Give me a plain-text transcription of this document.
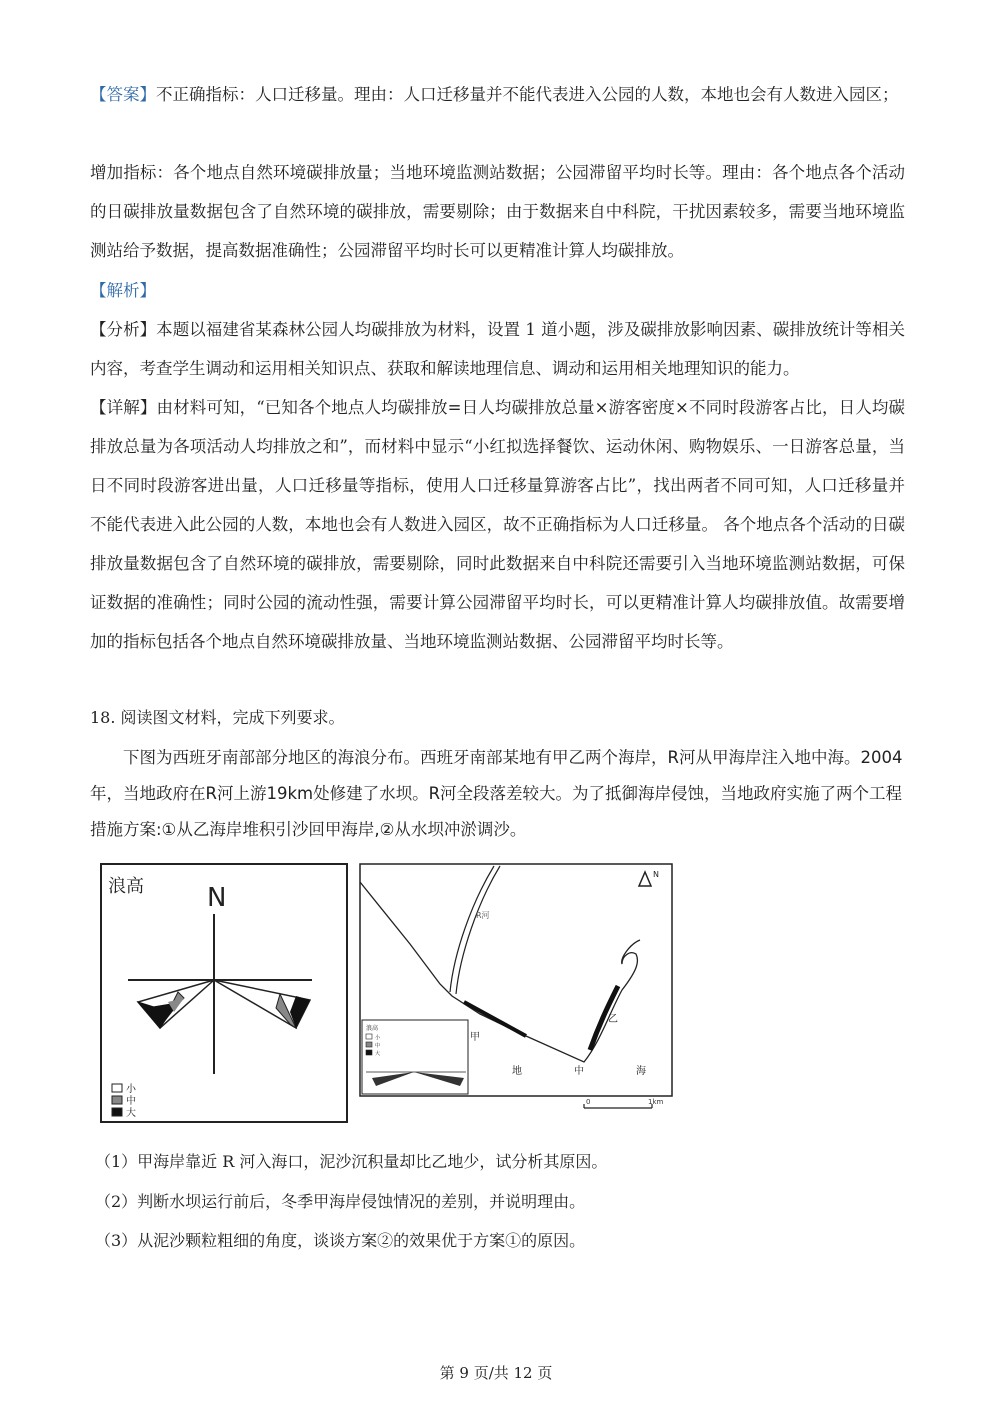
【答案】不正确指标：人口迁移量。理由：人口迁移量并不能代表进入公园的人数，本地也会有人数进入园区；

增加指标：各个地点自然环境碳排放量；当地环境监测站数据；公园滞留平均时长等。理由：各个地点各个活动的日碳排放量数据包含了自然环境的碳排放，需要剔除；由于数据来自中科院，干扰因素较多，需要当地环境监测站给予数据，提高数据准确性；公园滞留平均时长可以更精准计算人均碳排放。

【解析】

【分析】本题以福建省某森林公园人均碳排放为材料，设置 1 道小题，涉及碳排放影响因素、碳排放统计等相关内容，考查学生调动和运用相关知识点、获取和解读地理信息、调动和运用相关地理知识的能力。

【详解】由材料可知，“已知各个地点人均碳排放=日人均碳排放总量×游客密度×不同时段游客占比，日人均碳排放总量为各项活动人均排放之和”，而材料中显示“小红拟选择餐饮、运动休闲、购物娱乐、一日游客总量，当日不同时段游客进出量，人口迁移量等指标，使用人口迁移量算游客占比”，找出两者不同可知，人口迁移量并不能代表进入此公园的人数，本地也会有人数进入园区，故不正确指标为人口迁移量。 各个地点各个活动的日碳排放量数据包含了自然环境的碳排放，需要剔除，同时此数据来自中科院还需要引入当地环境监测站数据，可保证数据的准确性；同时公园的流动性强，需要计算公园滞留平均时长，可以更精准计算人均碳排放值。故需要增加的指标包括各个地点自然环境碳排放量、当地环境监测站数据、公园滞留平均时长等。

18. 阅读图文材料，完成下列要求。

下图为西班牙南部部分地区的海浪分布。西班牙南部某地有甲乙两个海岸，R河从甲海岸注入地中海。2004年，当地政府在R河上游19km处修建了水坝。R河全段落差较大。为了抵御海岸侵蚀，当地政府实施了两个工程措施方案:①从乙海岸堆积引沙回甲海岸,②从水坝冲淤调沙。

浪高 N
小
中
大
N
R河
甲
乙
地	中	海
浪高
小
中
大
0	1km
（1）甲海岸靠近 R 河入海口，泥沙沉积量却比乙地少，试分析其原因。
（2）判断水坝运行前后，冬季甲海岸侵蚀情况的差别，并说明理由。
（3）从泥沙颗粒粗细的角度，谈谈方案②的效果优于方案①的原因。
第 9 页/共 12 页
